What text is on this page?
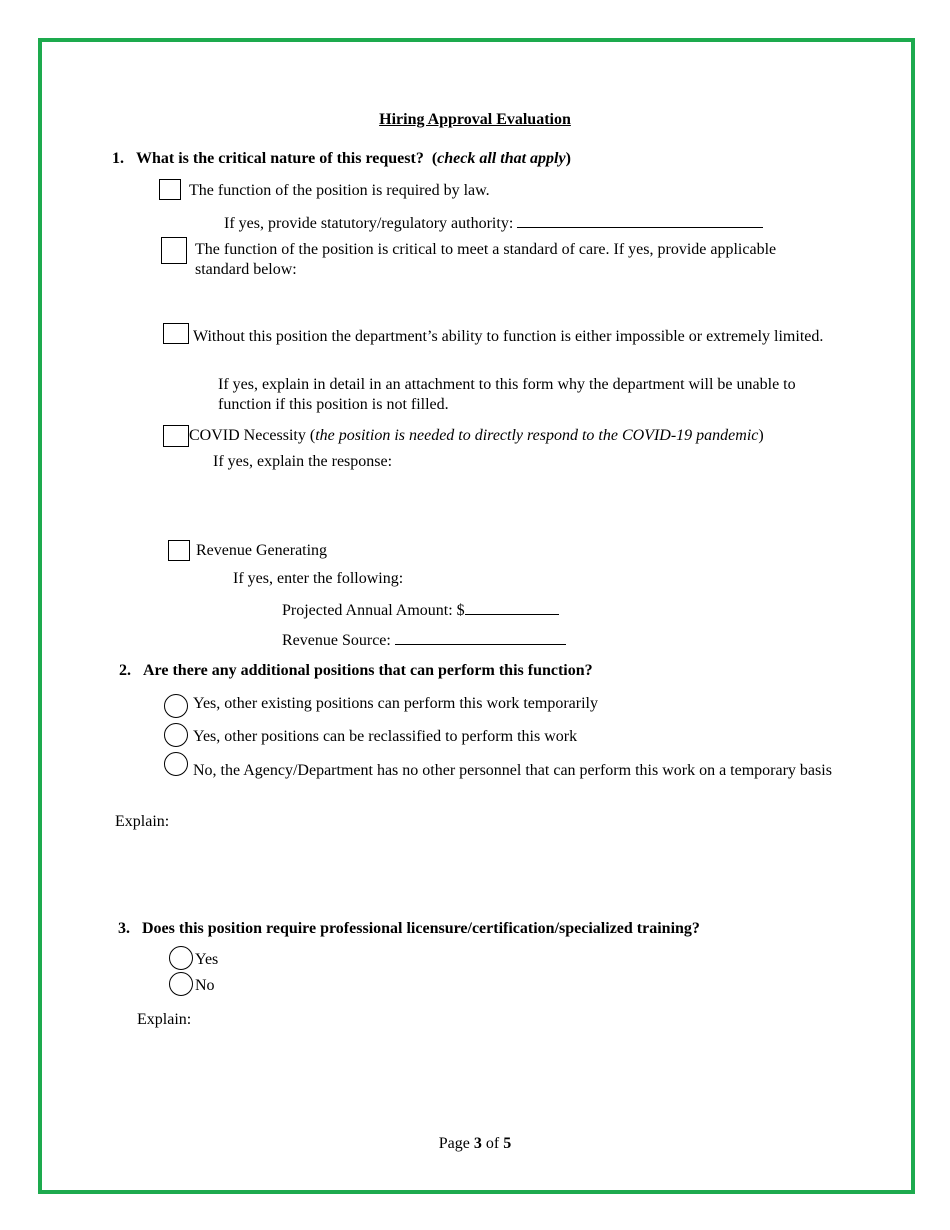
Hiring Approval Evaluation
1. What is the critical nature of this request? (check all that apply)
The function of the position is required by law.
If yes, provide statutory/regulatory authority:
The function of the position is critical to meet a standard of care. If yes, provide applicable standard below:
Without this position the department’s ability to function is either impossible or extremely limited.
If yes, explain in detail in an attachment to this form why the department will be unable to function if this position is not filled.
COVID Necessity (the position is needed to directly respond to the COVID-19 pandemic)
If yes, explain the response:
Revenue Generating
If yes, enter the following:
Projected Annual Amount: $
Revenue Source:
2. Are there any additional positions that can perform this function?
Yes, other existing positions can perform this work temporarily
Yes, other positions can be reclassified to perform this work
No, the Agency/Department has no other personnel that can perform this work on a temporary basis
Explain:
3. Does this position require professional licensure/certification/specialized training?
Yes
No
Explain:
Page 3 of 5
